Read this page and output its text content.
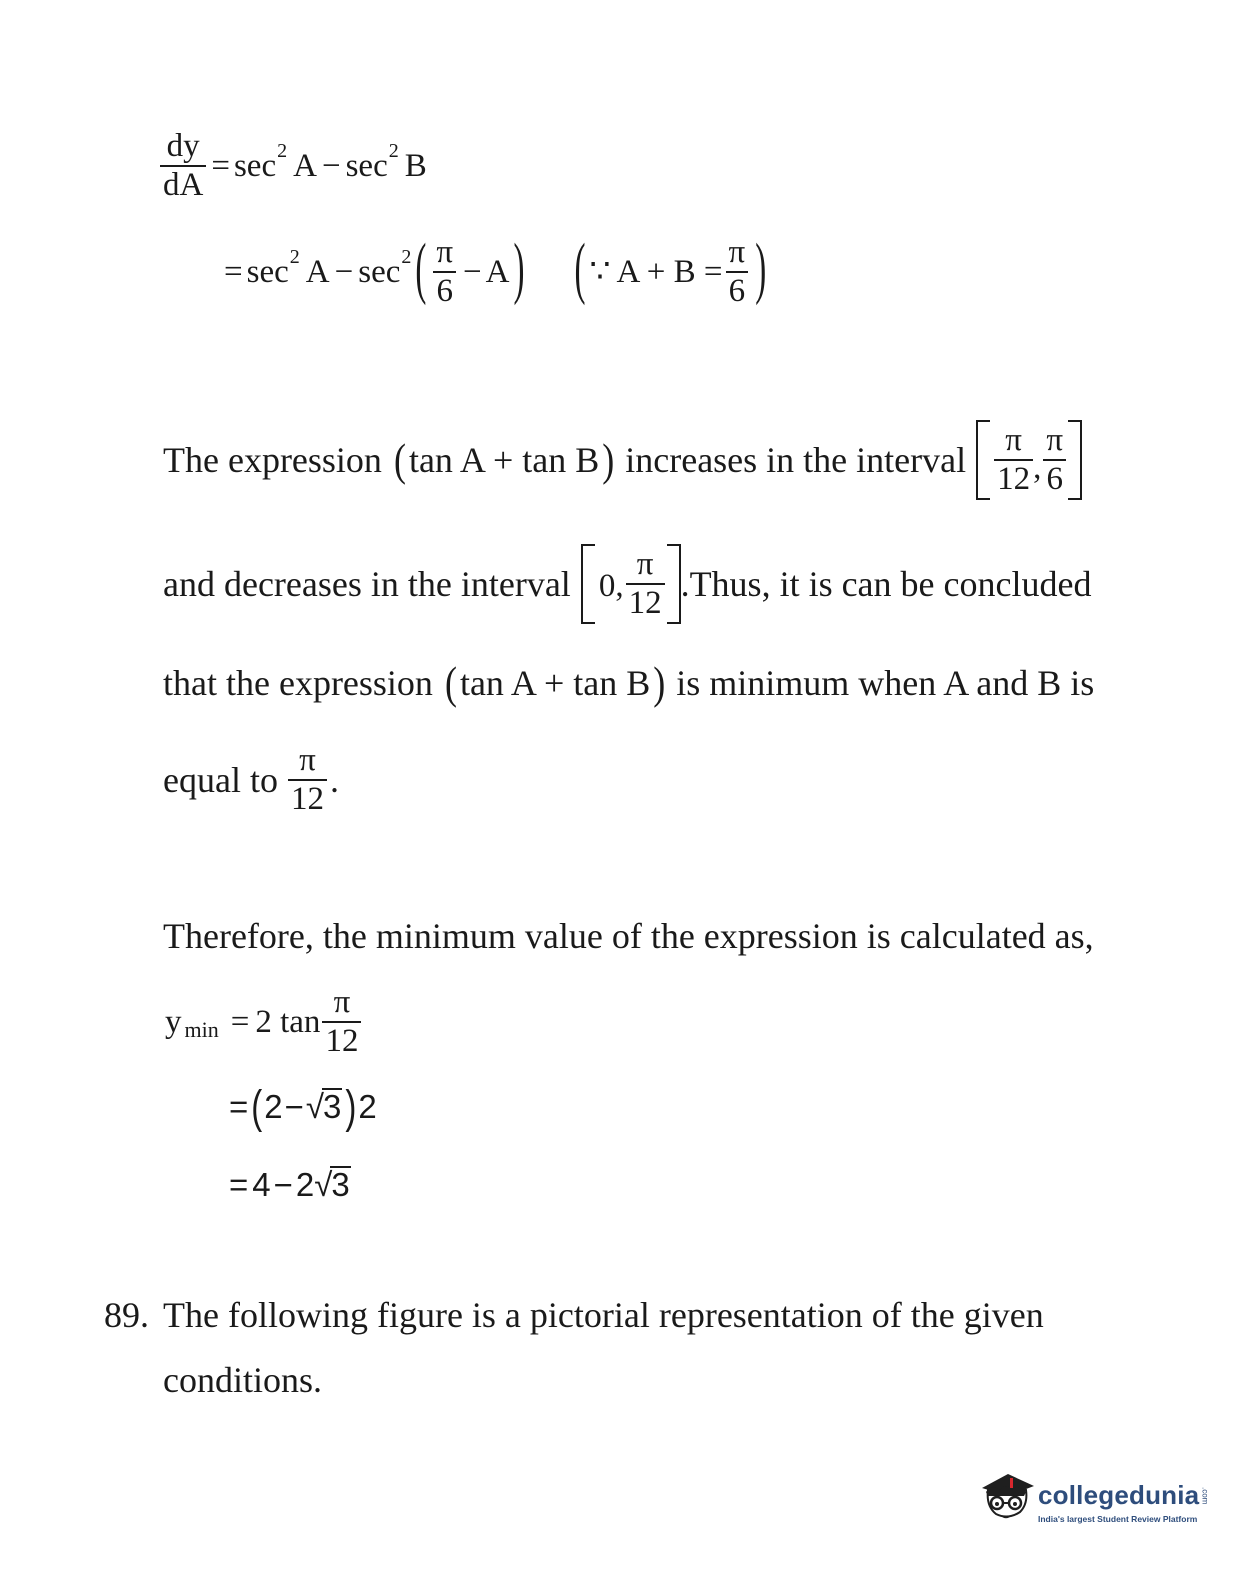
$\frac{dy}{dA} = \sec 2$ A − sec 2 B
= sec 2 A − sec 2 ( $\frac{\pi}{6} - A$ ) ( ∵ $A + B = \frac{\pi}{6}$ )
The expression ( tan A + tan B ) increases in the interval $\frac{\pi}{12}$ , $\frac{\pi}{6}$
and decreases in the interval 0, $\frac{\pi}{12}$ .Thus, it is can be concluded
that the expression ( tan A + tan B ) is minimum when A and B is
equal to $\frac{\pi}{12}$ .
Therefore, the minimum value of the expression is calculated as,
y min = 2 $\tan \frac{\pi}{12}$
= ( 2 − √ 3 ) 2
= 4 − 2 √ 3
89. The following figure is a pictorial representation of the given
conditions.
collegedunia .com
India's largest Student Review Platform
